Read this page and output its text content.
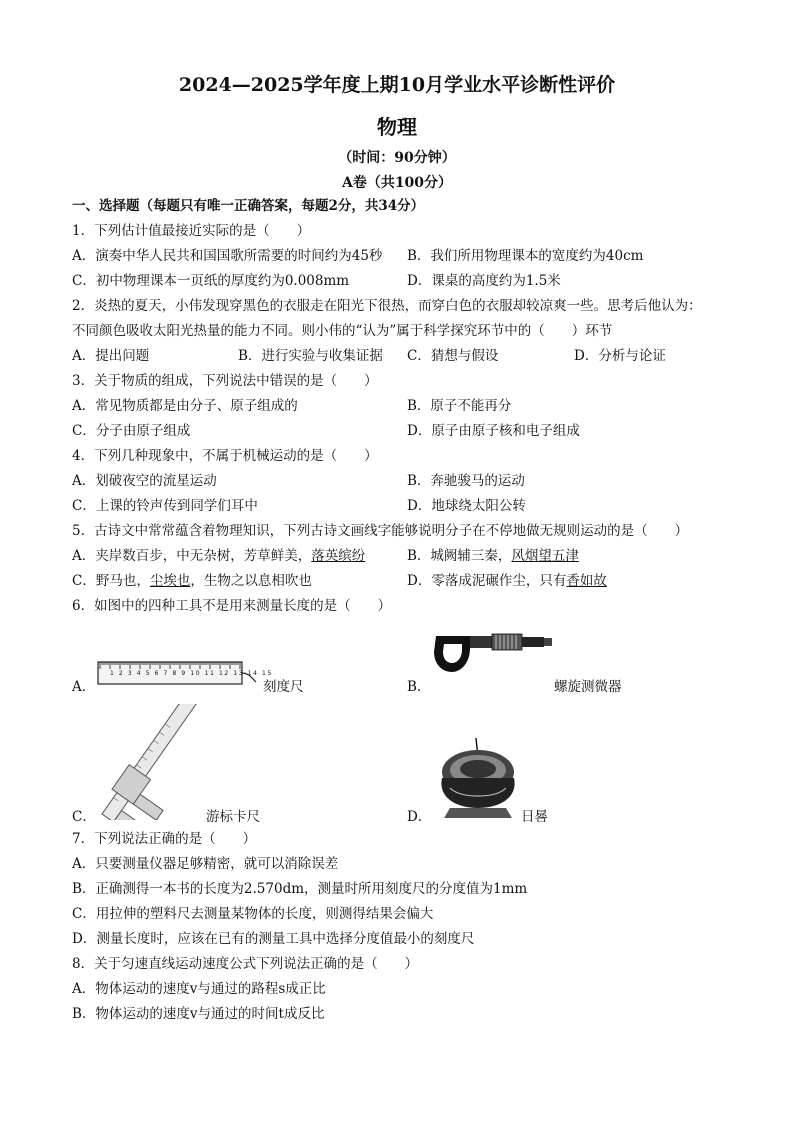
2024—2025学年度上期10月学业水平诊断性评价
物理
（时间：90分钟）
A卷（共100分）
一、选择题（每题只有唯一正确答案，每题2分，共34分）
1．下列估计值最接近实际的是（　　）
A．演奏中华人民共和国国歌所需要的时间约为45秒 B．我们所用物理课本的宽度约为40cm
C．初中物理课本一页纸的厚度约为0.008mm	D．课桌的高度约为1.5米
2．炎热的夏天，小伟发现穿黑色的衣服走在阳光下很热，而穿白色的衣服却较凉爽一些。思考后他认为：
不同颜色吸收太阳光热量的能力不同。则小伟的“认为”属于科学探究环节中的（　　）环节
A．提出问题	B．进行实验与收集证据 C．猜想与假设	D．分析与论证
3．关于物质的组成，下列说法中错误的是（　　）
A．常见物质都是由分子、原子组成的	B．原子不能再分
C．分子由原子组成	D．原子由原子核和电子组成
4．下列几种现象中，不属于机械运动的是（　　）
A．划破夜空的流星运动	B．奔驰骏马的运动
C．上课的铃声传到同学们耳中	D．地球绕太阳公转
5．古诗文中常常蕴含着物理知识，下列古诗文画线字能够说明分子在不停地做无规则运动的是（　　）
A．夹岸数百步，中无杂树，芳草鲜美，落英缤纷	B．城阙辅三秦，风烟望五津
C．野马也，尘埃也，生物之以息相吹也	D．零落成泥碾作尘，只有香如故
6．如图中的四种工具不是用来测量长度的是（　　）
A．
1 2 3 4 5 6 7 8 9 10 11 12 13 14 15
刻度尺	B．	螺旋测微器
C．	游标卡尺	D．	日晷
7．下列说法正确的是（　　）
A．只要测量仪器足够精密，就可以消除误差
B．正确测得一本书的长度为2.570dm，测量时所用刻度尺的分度值为1mm
C．用拉伸的塑料尺去测量某物体的长度，则测得结果会偏大
D．测量长度时，应该在已有的测量工具中选择分度值最小的刻度尺
8．关于匀速直线运动速度公式下列说法正确的是（　　）
A．物体运动的速度v与通过的路程s成正比
B．物体运动的速度v与通过的时间t成反比
